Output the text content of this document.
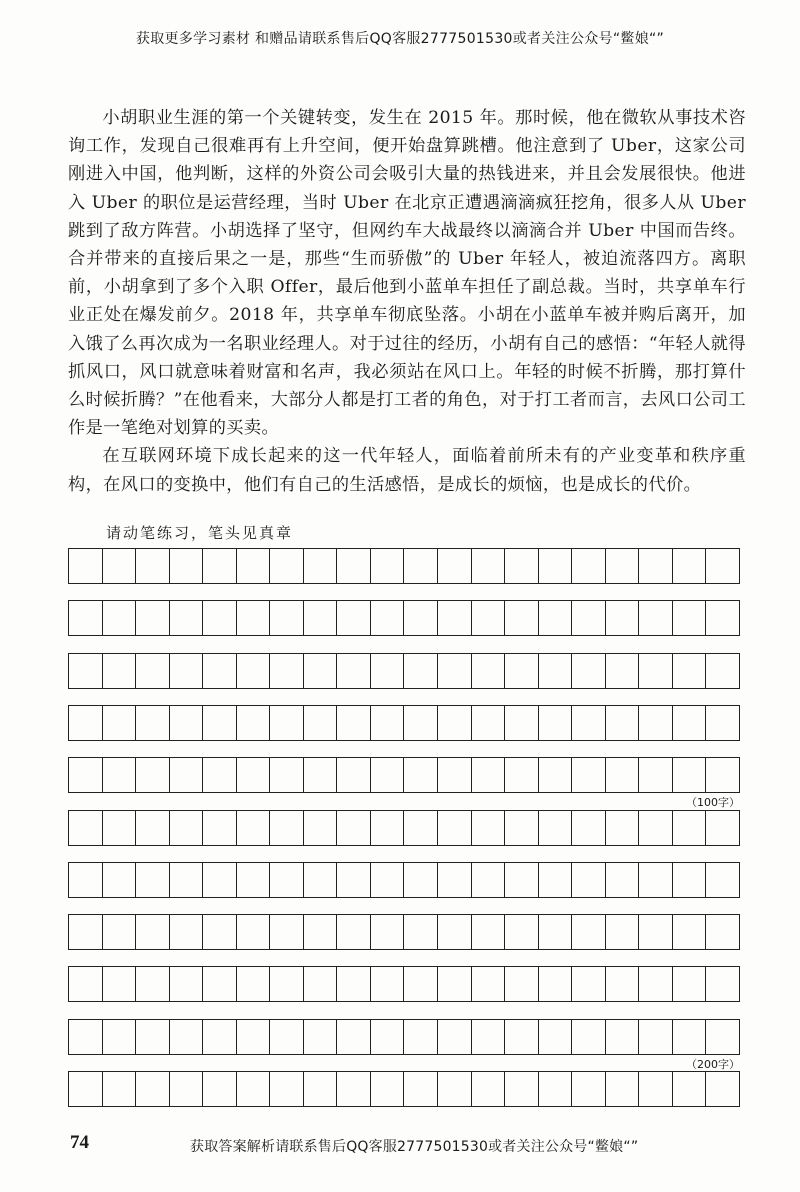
获取更多学习素材 和赠品请联系售后QQ客服2777501530或者关注公众号“鳖娘“”

小胡职业生涯的第一个关键转变，发生在 2015 年。那时候，他在微软从事技术咨询工作，发现自己很难再有上升空间，便开始盘算跳槽。他注意到了 Uber，这家公司刚进入中国，他判断，这样的外资公司会吸引大量的热钱进来，并且会发展很快。他进入 Uber 的职位是运营经理，当时 Uber 在北京正遭遇滴滴疯狂挖角，很多人从 Uber 跳到了敌方阵营。小胡选择了坚守，但网约车大战最终以滴滴合并 Uber 中国而告终。合并带来的直接后果之一是，那些“生而骄傲”的 Uber 年轻人，被迫流落四方。离职前，小胡拿到了多个入职 Offer，最后他到小蓝单车担任了副总裁。当时，共享单车行业正处在爆发前夕。2018 年，共享单车彻底坠落。小胡在小蓝单车被并购后离开，加入饿了么再次成为一名职业经理人。对于过往的经历，小胡有自己的感悟：“年轻人就得抓风口，风口就意味着财富和名声，我必须站在风口上。年轻的时候不折腾，那打算什么时候折腾？”在他看来，大部分人都是打工者的角色，对于打工者而言，去风口公司工作是一笔绝对划算的买卖。

在互联网环境下成长起来的这一代年轻人，面临着前所未有的产业变革和秩序重构，在风口的变换中，他们有自己的生活感悟，是成长的烦恼，也是成长的代价。

请动笔练习，笔头见真章
（100字）
（200字）
74	获取答案解析请联系售后QQ客服2777501530或者关注公众号“鳖娘“”
